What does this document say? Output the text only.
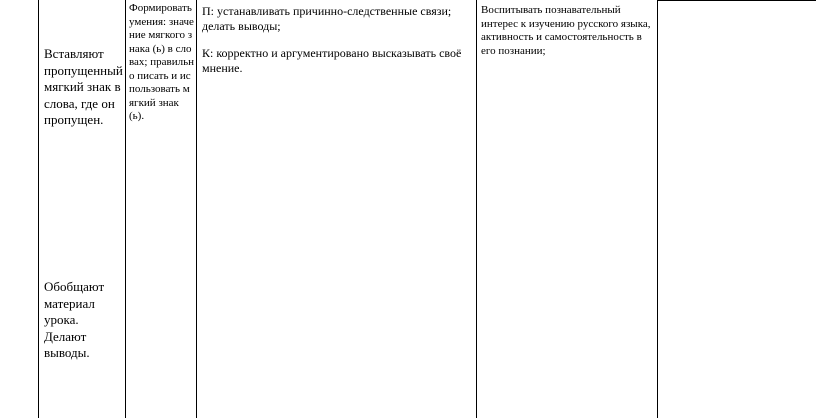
Вставляют пропущенный мягкий знак в слова, где он пропущен.

Обобщают материал урока. Делают выводы.

Формировать умения: значение мягкого знака (ь) в словах; правильно писать и использовать мягкий знак (ь).

П: устанавливать причинно-следственные связи; делать выводы;

К: корректно и аргументировано высказывать своё мнение.

Воспитывать познавательный интерес к изучению русского языка, активность и самостоятельность в его познании;
